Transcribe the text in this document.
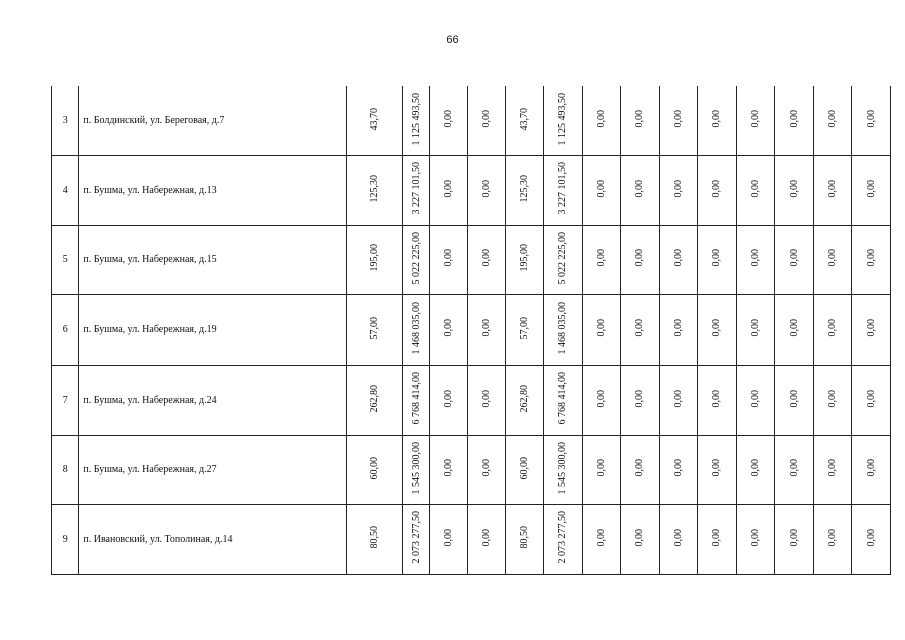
66
3	п. Болдинский, ул. Береговая, д.7	43,70	1 125 493,50	0,00	0,00	43,70	1 125 493,50	0,00	0,00	0,00	0,00	0,00	0,00	0,00	0,00
4	п. Бушма, ул. Набережная, д.13	125,30	3 227 101,50	0,00	0,00	125,30	3 227 101,50	0,00	0,00	0,00	0,00	0,00	0,00	0,00	0,00
5	п. Бушма, ул. Набережная, д.15	195,00	5 022 225,00	0,00	0,00	195,00	5 022 225,00	0,00	0,00	0,00	0,00	0,00	0,00	0,00	0,00
6	п. Бушма, ул. Набережная, д.19	57,00	1 468 035,00	0,00	0,00	57,00	1 468 035,00	0,00	0,00	0,00	0,00	0,00	0,00	0,00	0,00
7	п. Бушма, ул. Набережная, д.24	262,80	6 768 414,00	0,00	0,00	262,80	6 768 414,00	0,00	0,00	0,00	0,00	0,00	0,00	0,00	0,00
8	п. Бушма, ул. Набережная, д.27	60,00	1 545 300,00	0,00	0,00	60,00	1 545 300,00	0,00	0,00	0,00	0,00	0,00	0,00	0,00	0,00
9	п. Ивановский, ул. Тополиная, д.14	80,50	2 073 277,50	0,00	0,00	80,50	2 073 277,50	0,00	0,00	0,00	0,00	0,00	0,00	0,00	0,00
